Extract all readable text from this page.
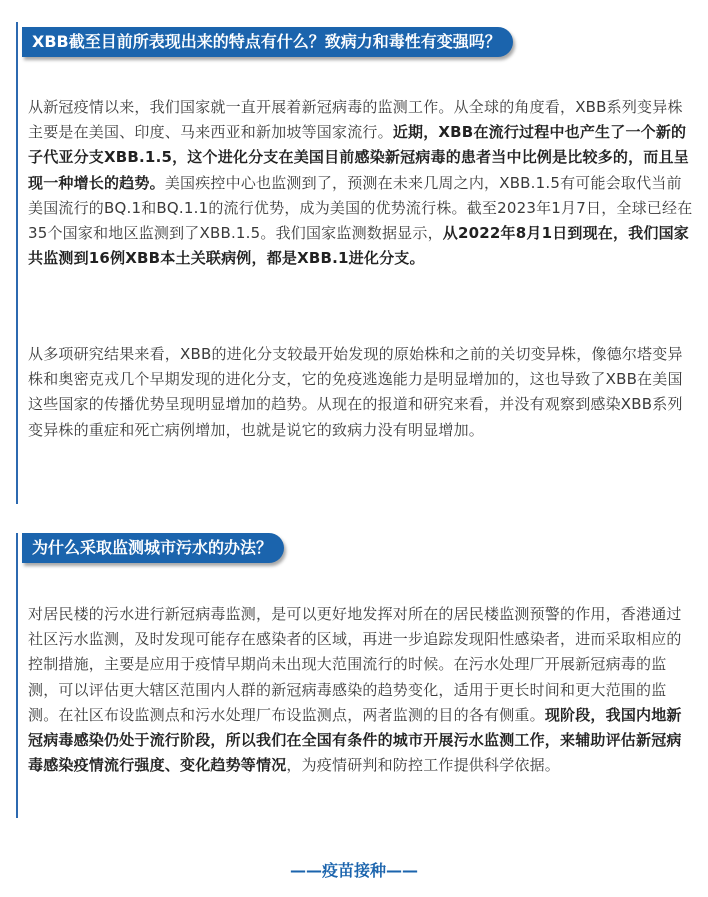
XBB截至目前所表现出来的特点有什么？致病力和毒性有变强吗？
从新冠疫情以来，我们国家就一直开展着新冠病毒的监测工作。从全球的角度看，XBB系列变异株主要是在美国、印度、马来西亚和新加坡等国家流行。近期，XBB在流行过程中也产生了一个新的子代亚分支XBB.1.5，这个进化分支在美国目前感染新冠病毒的患者当中比例是比较多的，而且呈现一种增长的趋势。美国疾控中心也监测到了，预测在未来几周之内，XBB.1.5有可能会取代当前美国流行的BQ.1和BQ.1.1的流行优势，成为美国的优势流行株。截至2023年1月7日，全球已经在35个国家和地区监测到了XBB.1.5。我们国家监测数据显示，从2022年8月1日到现在，我们国家共监测到16例XBB本土关联病例，都是XBB.1进化分支。
从多项研究结果来看，XBB的进化分支较最开始发现的原始株和之前的关切变异株，像德尔塔变异株和奥密克戎几个早期发现的进化分支，它的免疫逃逸能力是明显增加的，这也导致了XBB在美国这些国家的传播优势呈现明显增加的趋势。从现在的报道和研究来看，并没有观察到感染XBB系列变异株的重症和死亡病例增加，也就是说它的致病力没有明显增加。
为什么采取监测城市污水的办法？
对居民楼的污水进行新冠病毒监测，是可以更好地发挥对所在的居民楼监测预警的作用，香港通过社区污水监测，及时发现可能存在感染者的区域，再进一步追踪发现阳性感染者，进而采取相应的控制措施，主要是应用于疫情早期尚未出现大范围流行的时候。在污水处理厂开展新冠病毒的监测，可以评估更大辖区范围内人群的新冠病毒感染的趋势变化，适用于更长时间和更大范围的监测。在社区布设监测点和污水处理厂布设监测点，两者监测的目的各有侧重。现阶段，我国内地新冠病毒感染仍处于流行阶段，所以我们在全国有条件的城市开展污水监测工作，来辅助评估新冠病毒感染疫情流行强度、变化趋势等情况，为疫情研判和防控工作提供科学依据。
——疫苗接种——
